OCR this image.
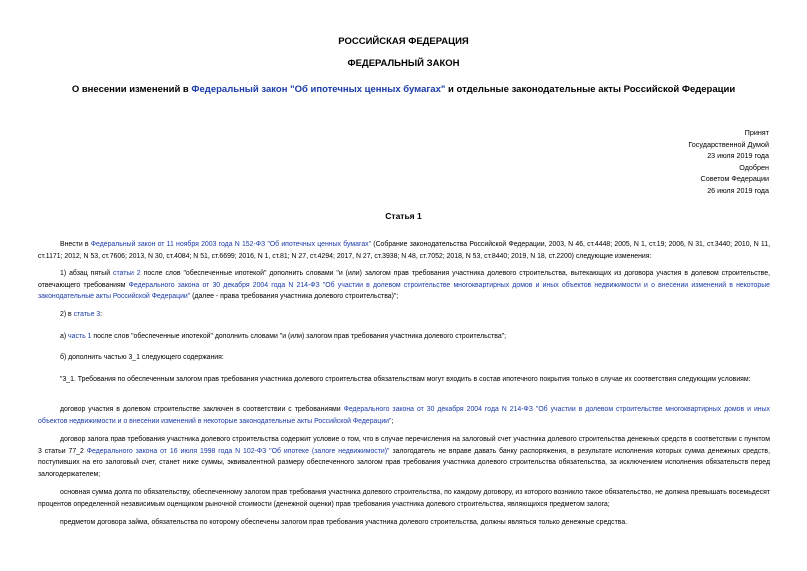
РОССИЙСКАЯ ФЕДЕРАЦИЯ
ФЕДЕРАЛЬНЫЙ ЗАКОН
О внесении изменений в Федеральный закон "Об ипотечных ценных бумагах" и отдельные законодательные акты Российской Федерации
Принят
Государственной Думой
23 июля 2019 года
Одобрен
Советом Федерации
26 июля 2019 года
Статья 1

Внести в Федеральный закон от 11 ноября 2003 года N 152-ФЗ "Об ипотечных ценных бумагах" (Собрание законодательства Российской Федерации, 2003, N 46, ст.4448; 2005, N 1, ст.19; 2006, N 31, ст.3440; 2010, N 11, ст.1171; 2012, N 53, ст.7606; 2013, N 30, ст.4084; N 51, ст.6699; 2016, N 1, ст.81; N 27, ст.4294; 2017, N 27, ст.3938; N 48, ст.7052; 2018, N 53, ст.8440; 2019, N 18, ст.2200) следующие изменения:

1) абзац пятый статьи 2 после слов "обеспеченные ипотекой" дополнить словами "и (или) залогом прав требования участника долевого строительства, вытекающих из договора участия в долевом строительстве, отвечающего требованиям Федерального закона от 30 декабря 2004 года N 214-ФЗ "Об участии в долевом строительстве многоквартирных домов и иных объектов недвижимости и о внесении изменений в некоторые законодательные акты Российской Федерации" (далее - права требования участника долевого строительства)";

2) в статье 3:

а) часть 1 после слов "обеспеченные ипотекой" дополнить словами "и (или) залогом прав требования участника долевого строительства";

б) дополнить частью 3_1 следующего содержания:

"3_1. Требования по обеспеченным залогом прав требования участника долевого строительства обязательствам могут входить в состав ипотечного покрытия только в случае их соответствия следующим условиям:

договор участия в долевом строительстве заключен в соответствии с требованиями Федерального закона от 30 декабря 2004 года N 214-ФЗ "Об участии в долевом строительстве многоквартирных домов и иных объектов недвижимости и о внесении изменений в некоторые законодательные акты Российской Федерации";

договор залога прав требования участника долевого строительства содержит условие о том, что в случае перечисления на залоговый счет участника долевого строительства денежных средств в соответствии с пунктом 3 статьи 77_2 Федерального закона от 16 июля 1998 года N 102-ФЗ "Об ипотеке (залоге недвижимости)" залогодатель не вправе давать банку распоряжения, в результате исполнения которых сумма денежных средств, поступивших на его залоговый счет, станет ниже суммы, эквивалентной размеру обеспеченного залогом прав требования участника долевого строительства обязательства, за исключением исполнения обязательств перед залогодержателем;

основная сумма долга по обязательству, обеспеченному залогом прав требования участника долевого строительства, по каждому договору, из которого возникло такое обязательство, не должна превышать восемьдесят процентов определенной независимым оценщиком рыночной стоимости (денежной оценки) прав требования участника долевого строительства, являющихся предметом залога;

предметом договора займа, обязательства по которому обеспечены залогом прав требования участника долевого строительства, должны являться только денежные средства.
